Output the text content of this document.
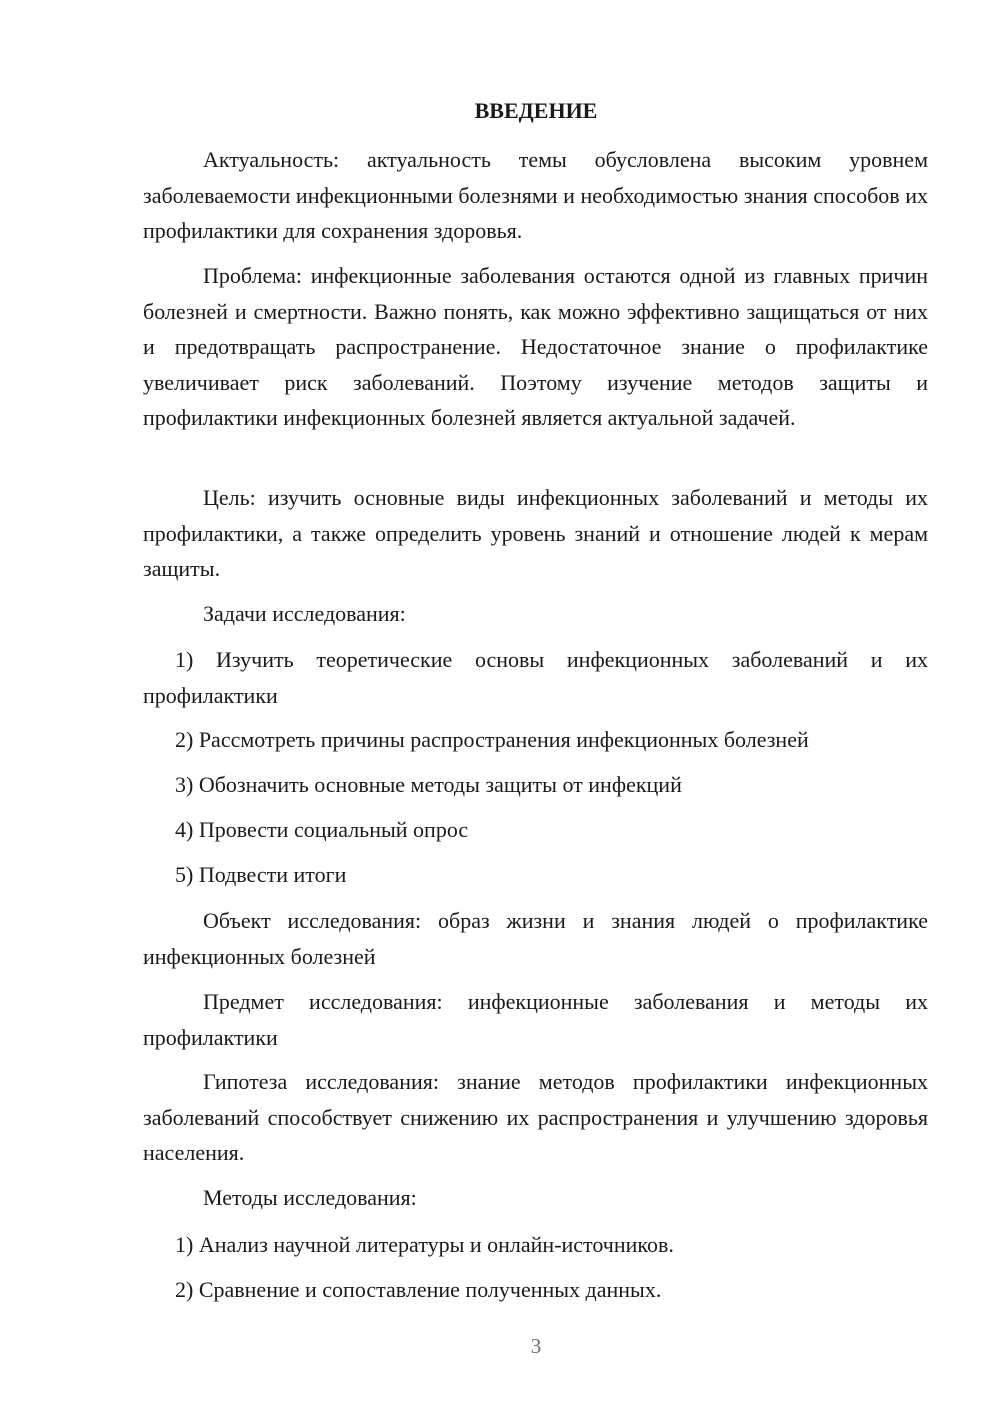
ВВЕДЕНИЕ

Актуальность: актуальность темы обусловлена высоким уровнем заболеваемости инфекционными болезнями и необходимостью знания способов их профилактики для сохранения здоровья.

Проблема: инфекционные заболевания остаются одной из главных причин болезней и смертности. Важно понять, как можно эффективно защищаться от них и предотвращать распространение. Недостаточное знание о профилактике увеличивает риск заболеваний. Поэтому изучение методов защиты и профилактики инфекционных болезней является актуальной задачей.

Цель: изучить основные виды инфекционных заболеваний и методы их профилактики, а также определить уровень знаний и отношение людей к мерам защиты.

Задачи исследования:

1) Изучить теоретические основы инфекционных заболеваний и их профилактики

2) Рассмотреть причины распространения инфекционных болезней

3) Обозначить основные методы защиты от инфекций

4) Провести социальный опрос

5) Подвести итоги

Объект исследования: образ жизни и знания людей о профилактике инфекционных болезней

Предмет исследования: инфекционные заболевания и методы их профилактики

Гипотеза исследования: знание методов профилактики инфекционных заболеваний способствует снижению их распространения и улучшению здоровья населения.

Методы исследования:

1) Анализ научной литературы и онлайн-источников.

2) Сравнение и сопоставление полученных данных.

3
